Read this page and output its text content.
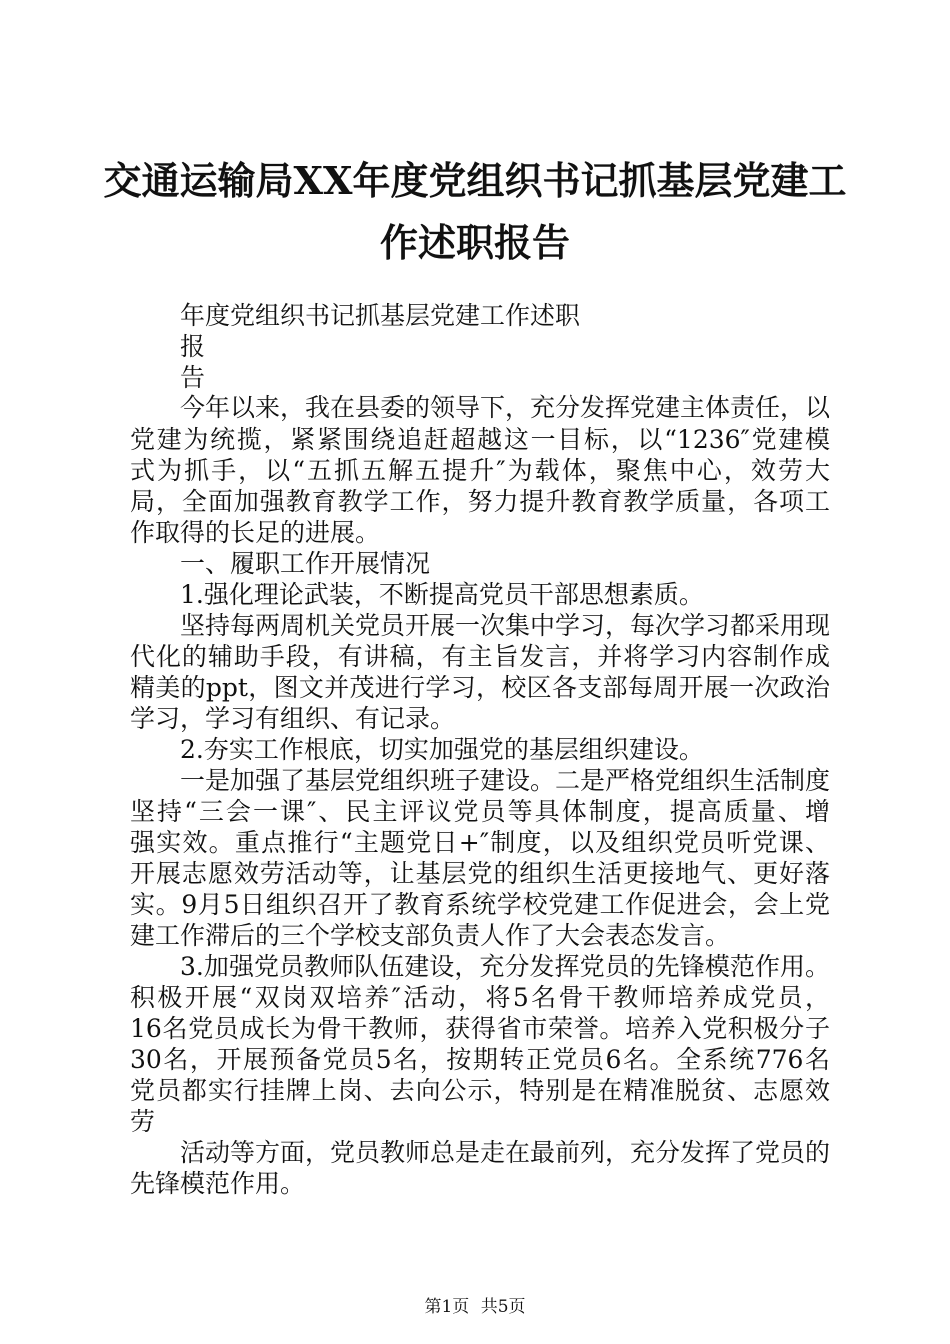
交通运输局XX年度党组织书记抓基层党建工
作述职报告
年度党组织书记抓基层党建工作述职
报
告
今年以来，我在县委的领导下，充分发挥党建主体责任，以
党建为统揽，紧紧围绕追赶超越这一目标，以“1236″党建模
式为抓手，以“五抓五解五提升″为载体，聚焦中心，效劳大
局，全面加强教育教学工作，努力提升教育教学质量，各项工
作取得的长足的进展。
一、履职工作开展情况
1.强化理论武装，不断提高党员干部思想素质。
坚持每两周机关党员开展一次集中学习，每次学习都采用现
代化的辅助手段，有讲稿，有主旨发言，并将学习内容制作成
精美的ppt，图文并茂进行学习，校区各支部每周开展一次政治
学习，学习有组织、有记录。
2.夯实工作根底，切实加强党的基层组织建设。
一是加强了基层党组织班子建设。二是严格党组织生活制度
坚持“三会一课″、民主评议党员等具体制度，提高质量、增
强实效。重点推行“主题党日+″制度，以及组织党员听党课、
开展志愿效劳活动等，让基层党的组织生活更接地气、更好落
实。9月5日组织召开了教育系统学校党建工作促进会，会上党
建工作滞后的三个学校支部负责人作了大会表态发言。
3.加强党员教师队伍建设，充分发挥党员的先锋模范作用。
积极开展“双岗双培养″活动，将5名骨干教师培养成党员，
16名党员成长为骨干教师，获得省市荣誉。培养入党积极分子
30名，开展预备党员5名，按期转正党员6名。全系统776名
党员都实行挂牌上岗、去向公示，特别是在精准脱贫、志愿效
劳
活动等方面，党员教师总是走在最前列，充分发挥了党员的
先锋模范作用。
第1页 共5页
